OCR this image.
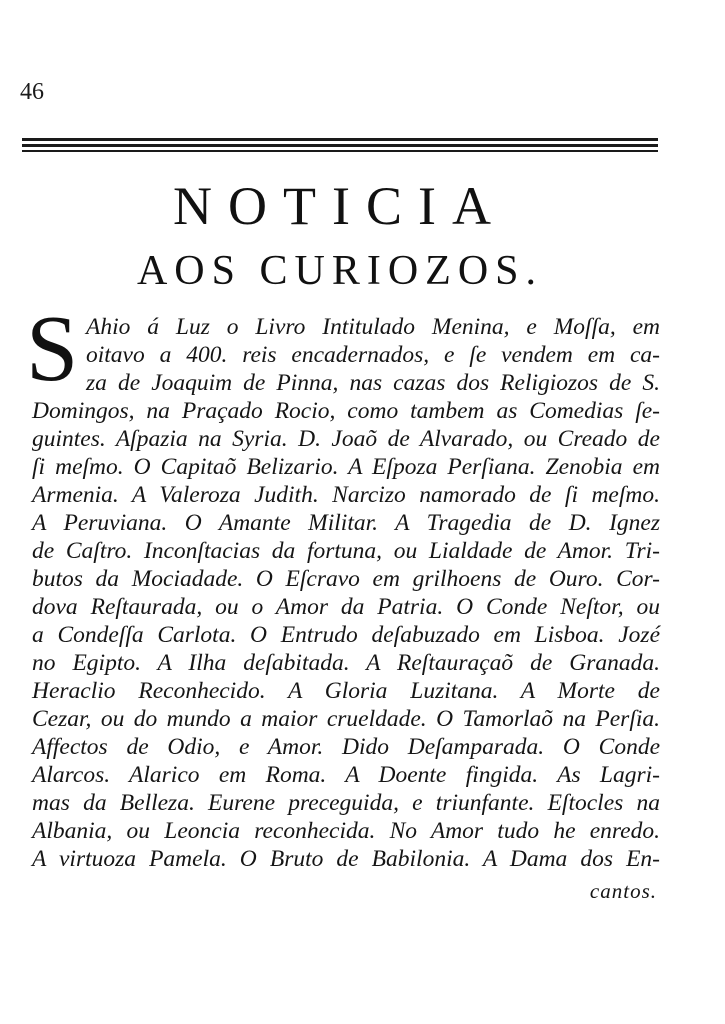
46
NOTICIA
AOS CURIOZOS.
S Ahio á Luz o Livro Intitulado Menina, e Moſſa, em
oitavo a 400. reis encadernados, e ſe vendem em ca-
za de Joaquim de Pinna, nas cazas dos Religiozos de S.
Domingos, na Praçado Rocio, como tambem as Comedias ſe-
guintes. Aſpazia na Syria. D. Joaõ de Alvarado, ou Creado de
ſi meſmo. O Capitaõ Belizario. A Eſpoza Perſiana. Zenobia em
Armenia. A Valeroza Judith. Narcizo namorado de ſi meſmo.
A Peruviana. O Amante Militar. A Tragedia de D. Ignez
de Caſtro. Inconſtacias da fortuna, ou Lialdade de Amor. Tri-
butos da Mociadade. O Eſcravo em grilhoens de Ouro. Cor-
dova Reſtaurada, ou o Amor da Patria. O Conde Neſtor, ou
a Condeſſa Carlota. O Entrudo deſabuzado em Lisboa. Jozé
no Egipto. A Ilha deſabitada. A Reſtauraçaõ de Granada.
Heraclio Reconhecido. A Gloria Luzitana. A Morte de
Cezar, ou do mundo a maior crueldade. O Tamorlaõ na Perſia.
Affectos de Odio, e Amor. Dido Deſamparada. O Conde
Alarcos. Alarico em Roma. A Doente fingida. As Lagri-
mas da Belleza. Eurene preceguida, e triunfante. Eſtocles na
Albania, ou Leoncia reconhecida. No Amor tudo he enredo.
A virtuoza Pamela. O Bruto de Babilonia. A Dama dos En-
cantos.
